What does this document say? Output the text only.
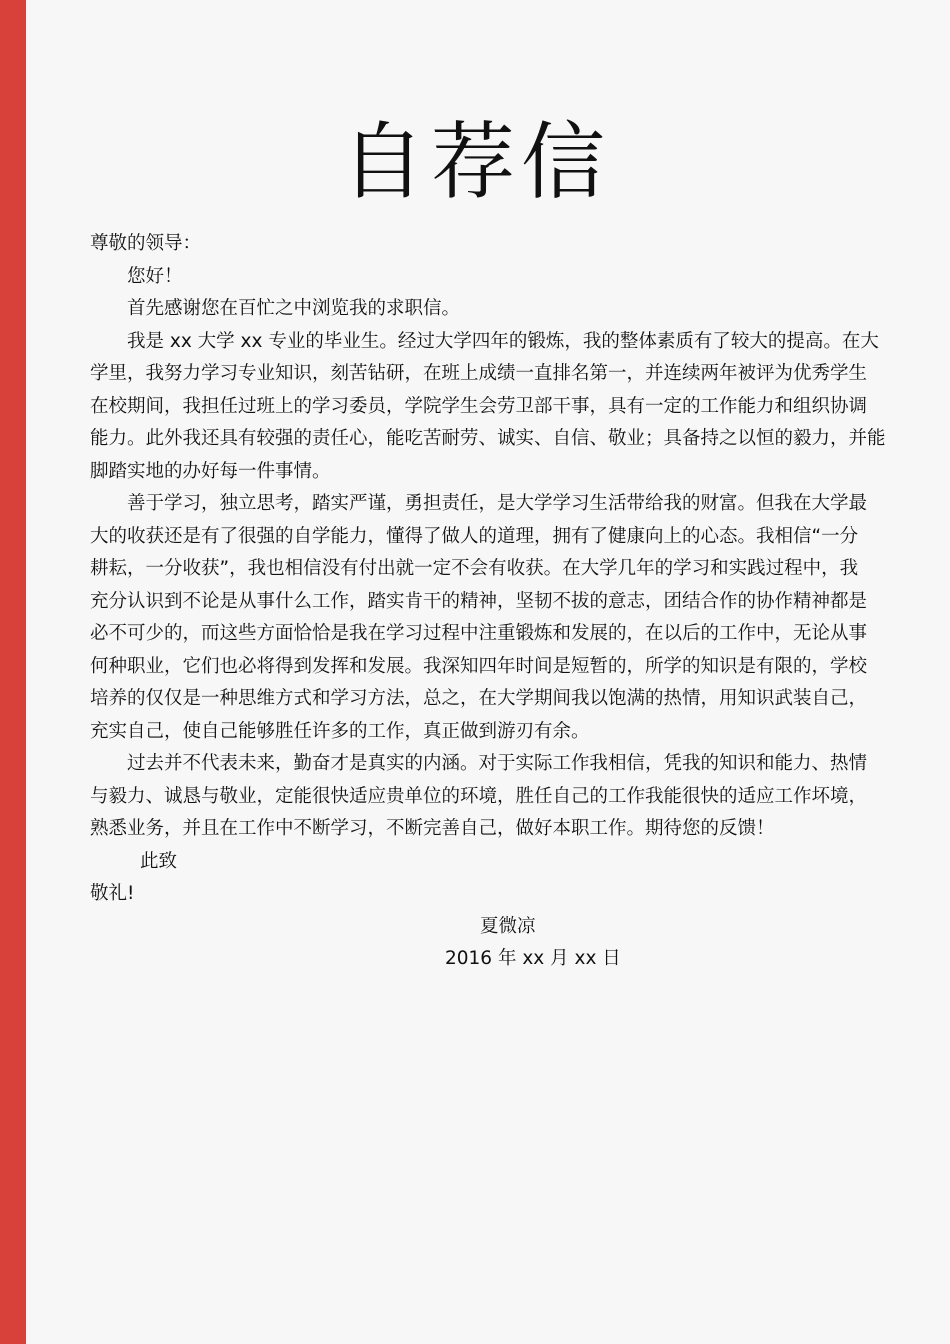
自荐信
尊敬的领导：
您好！
首先感谢您在百忙之中浏览我的求职信。
我是 xx 大学 xx 专业的毕业生。经过大学四年的锻炼，我的整体素质有了较大的提高。在大
学里，我努力学习专业知识，刻苦钻研，在班上成绩一直排名第一，并连续两年被评为优秀学生
在校期间，我担任过班上的学习委员，学院学生会劳卫部干事，具有一定的工作能力和组织协调
能力。此外我还具有较强的责任心，能吃苦耐劳、诚实、自信、敬业；具备持之以恒的毅力，并能
脚踏实地的办好每一件事情。
善于学习，独立思考，踏实严谨，勇担责任，是大学学习生活带给我的财富。但我在大学最
大的收获还是有了很强的自学能力，懂得了做人的道理，拥有了健康向上的心态。我相信“一分
耕耘，一分收获”，我也相信没有付出就一定不会有收获。在大学几年的学习和实践过程中，我
充分认识到不论是从事什么工作，踏实肯干的精神，坚韧不拔的意志，团结合作的协作精神都是
必不可少的，而这些方面恰恰是我在学习过程中注重锻炼和发展的，在以后的工作中，无论从事
何种职业，它们也必将得到发挥和发展。我深知四年时间是短暂的，所学的知识是有限的，学校
培养的仅仅是一种思维方式和学习方法，总之，在大学期间我以饱满的热情，用知识武装自己，
充实自己，使自己能够胜任许多的工作，真正做到游刃有余。
过去并不代表未来，勤奋才是真实的内涵。对于实际工作我相信，凭我的知识和能力、热情
与毅力、诚恳与敬业，定能很快适应贵单位的环境，胜任自己的工作我能很快的适应工作坏境，
熟悉业务，并且在工作中不断学习，不断完善自己，做好本职工作。期待您的反馈！
此致
敬礼!
夏微凉
2016 年 xx 月 xx 日
